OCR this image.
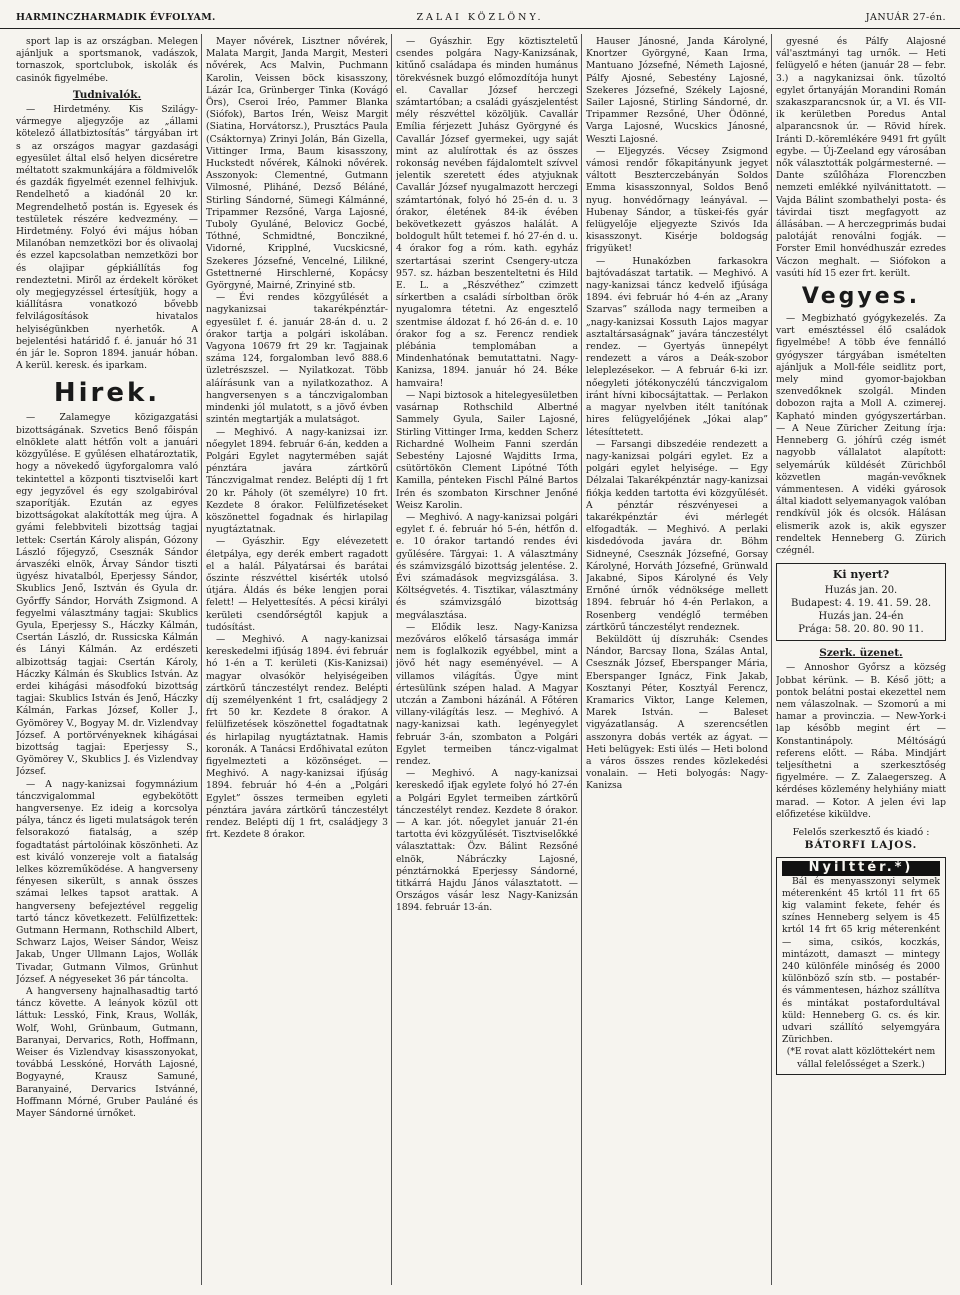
HARMINCZHARMADIK ÉVFOLYAM.	ZALAI KÖZLÖNY.	JANUÁR 27-én.

sport lap is az országban. Melegen ajánljuk a sportsmanok, vadászok, tornaszok, sportclubok, iskolák és casinók figyelmébe.

Tudnivalók.

— Hirdetmény. Kis Szilágy-vármegye aljegyzője az „állami kötelező állatbiztosítás” tárgyában irt s az országos magyar gazdasági egyesület által első helyen dicséretre méltatott szakmunkájára a földmivelők és gazdák figyelmét ezennel felhivjuk. Rendelhető a kiadónál 20 kr. Megrendelhető postán is. Egyesek és testületek részére kedvezmény. — Hirdetmény. Folyó évi május hóban Milanóban nemzetközi bor és olivaolaj és ezzel kapcsolatban nemzetközi bor és olajipar gépkiállítás fog rendeztetni. Miről az érdekelt köröket oly megjegyzéssel értesítjük, hogy a kiállításra vonatkozó bővebb felvilágosítások hivatalos helyiségünkben nyerhetők. A bejelentési határidő f. é. január hó 31 én jár le. Sopron 1894. január hóban. A kerül. keresk. és iparkam.

Hirek.

— Zalamegye közigazgatási bizottságának. Szvetics Benő főispán elnöklete alatt hétfőn volt a januári közgyűlése. E gyűlésen elhatároztatik, hogy a növekedő ügyforgalomra való tekintettel a központi tisztviselői kart egy jegyzővel és egy szolgabiróval szaporítják. Ezután az egyes bizottságokat alakították meg újra. A gyámi felebbviteli bizottság tagjai lettek: Csertán Károly alispán, Gózony László főjegyző, Csesznák Sándor árvaszéki elnök, Árvay Sándor tiszti ügyész hivatalból, Eperjessy Sándor, Skublics Jenő, Isztván és Gyula dr. Győrffy Sándor, Horváth Zsigmond. A fegyelmi választmány tagjai: Skublics Gyula, Eperjessy S., Háczky Kálmán, Csertán László, dr. Russicska Kálmán és Lányi Kálmán. Az erdészeti albizottság tagjai: Csertán Károly, Háczky Kálmán és Skublics István. Az erdei kihágási másodfokú bizottság tagjai: Skublics István és Jenő, Háczky Kálmán, Farkas József, Koller J., Gyömörey V., Bogyay M. dr. Vizlendvay József. A portörvényeknek kihágásai bizottság tagjai: Eperjessy S., Gyömörey V., Skublics J. és Vizlendvay József.

— A nagy-kanizsai fogymnázium tánczvigalommal egybekötött hangversenye. Ez ideig a korcsolya pálya, táncz és ligeti mulatságok terén felsorakozó fiatalság, a szép fogadtatást pártolóinak köszönheti. Az est kiváló vonzereje volt a fiatalság lelkes közreműködése. A hangverseny fényesen sikerült, s annak összes számai lelkes tapsot arattak. A hangverseny befejeztével reggelig tartó táncz következett. Felülfizettek: Gutmann Hermann, Rothschild Albert, Schwarz Lajos, Weiser Sándor, Weisz Jakab, Unger Ullmann Lajos, Wollák Tivadar, Gutmann Vilmos, Grünhut József. A négyeseket 36 pár táncolta.

A hangverseny hajnalhasadtig tartó táncz követte. A leányok közül ott láttuk: Lesskó, Fink, Kraus, Wollák, Wolf, Wohl, Grünbaum, Gutmann, Baranyai, Dervarics, Roth, Hoffmann, Weiser és Vizlendvay kisasszonyokat, továbbá Lesskóné, Horváth Lajosné, Bogyayné, Krausz Samuné, Baranyainé, Dervarics Istvánné, Hoffmann Mórné, Gruber Pauláné és Mayer Sándorné úrnőket.

Mayer nővérek, Lisztner nővérek, Malata Margit, Janda Margit, Mesteri nővérek, Acs Malvin, Puchmann Karolin, Veissen böck kisasszony, Lázár Ica, Grünberger Tinka (Kovágó Örs), Cseroi Iréo, Pammer Blanka (Siófok), Bartos Irén, Weisz Margit (Siatina, Horvátorsz.), Prusztács Paula (Csáktornya) Zrinyi Jolán, Bán Gizella, Vittinger Irma, Baum kisasszony, Huckstedt nővérek, Kálnoki nővérek. Asszonyok: Clementné, Gutmann Vilmosné, Pliháné, Dezső Béláné, Stirling Sándorné, Sümegi Kálmánné, Tripammer Rezsőné, Varga Lajosné, Tuboly Gyuláné, Belovicz Gocbé, Tóthné, Schmidtné, Bonczikné, Vidorné, Kripplné, Vucskicsné, Szekeres Józsefné, Vencelné, Lilikné, Gstettnerné Hirschlerné, Kopácsy Györgyné, Mairné, Zrinyiné stb.

— Évi rendes közgyűlését a nagykanizsai takarékpénztár-egyesület f. é. január 28-án d. u. 2 órakor tartja a polgári iskolában. Vagyona 10679 frt 29 kr. Tagjainak száma 124, forgalomban levő 888.6 üzletrészszel. — Nyilatkozat. Több aláírásunk van a nyilatkozathoz. A hangversenyen s a tánczvigalomban mindenki jól mulatott, s a jövő évben szintén megtartják a mulatságot.

— Meghivó. A nagy-kanizsai izr. nőegylet 1894. február 6-án, kedden a Polgári Egylet nagytermében saját pénztára javára zártkörű Tánczvigalmat rendez. Belépti díj 1 frt 20 kr. Páholy (öt személyre) 10 frt. Kezdete 8 órakor. Felülfizetéseket köszönettel fogadnak és hirlapilag nyugtáztatnak.

— Gyászhir. Egy elévezetett életpálya, egy derék embert ragadott el a halál. Pályatársai és barátai őszinte részvéttel kisérték utolsó útjára. Áldás és béke lengjen porai felett! — Helyettesítés. A pécsi királyi kerületi csendőrségtől kapjuk a tudósítást.

— Meghivó. A nagy-kanizsai kereskedelmi ifjúság 1894. évi február hó 1-én a T. kerületi (Kis-Kanizsai) magyar olvasókör helyiségeiben zártkörű tánczestélyt rendez. Belépti díj személyenként 1 frt, családjegy 2 frt 50 kr. Kezdete 8 órakor. A felülfizetések köszönettel fogadtatnak és hirlapilag nyugtáztatnak. Hamis koronák. A Tanácsi Erdőhivatal ezúton figyelmezteti a közönséget. — Meghivó. A nagy-kanizsai ifjúság 1894. február hó 4-én a „Polgári Egylet” összes termeiben egyleti pénztára javára zártkörű tánczestélyt rendez. Belépti díj 1 frt, családjegy 3 frt. Kezdete 8 órakor.

— Gyászhir. Egy köztiszteletű csendes polgára Nagy-Kanizsának, kitűnő családapa és minden humánus törekvésnek buzgó előmozdítója hunyt el. Cavallar József herczegi számtartóban; a családi gyászjelentést mély részvéttel közöljük. Cavallár Emília férjezett Juhász Györgyné és Cavallár József gyermekei, ugy saját mint az alulírottak és az összes rokonság nevében fájdalomtelt szívvel jelentik szeretett édes atyjuknak Cavallár József nyugalmazott herczegi számtartónak, folyó hó 25-én d. u. 3 órakor, életének 84-ik évében bekövetkezett gyászos halálát. A boldogult hűlt tetemei f. hó 27-én d. u. 4 órakor fog a róm. kath. egyház szertartásai szerint Csengery-utcza 957. sz. házban beszenteltetni és Hild E. L. a „Részvéthez” czimzett sírkertben a családi sírboltban örök nyugalomra tétetni. Az engesztelő szentmise áldozat f. hó 26-án d. e. 10 órakor fog a sz. Ferencz rendiek plébánia templomában a Mindenhatónak bemutattatni. Nagy-Kanizsa, 1894. január hó 24. Béke hamvaira!

— Napi biztosok a hitelegyesületben vasárnap Rothschild Albertné Sammely Gyula, Sailer Lajosné, Stirling Vittinger Irma, kedden Scherz Richardné Wolheim Fanni szerdán Sebestény Lajosné Wajditts Irma, csütörtökön Clement Lipótné Tóth Kamilla, pénteken Fischl Pálné Bartos Irén és szombaton Kirschner Jenőné Weisz Karolin.

— Meghivó. A nagy-kanizsai polgári egylet f. é. február hó 5-én, hétfőn d. e. 10 órakor tartandó rendes évi gyűlésére. Tárgyai: 1. A választmány és számvizsgáló bizottság jelentése. 2. Évi számadások megvizsgálása. 3. Költségvetés. 4. Tisztikar, választmány és számvizsgáló bizottság megválasztása.

— Elődik lesz. Nagy-Kanizsa mezőváros előkelő társasága immár nem is foglalkozik egyébbel, mint a jövő hét nagy eseményével. — A villamos világítás. Ügye mint értesülünk szépen halad. A Magyar utczán a Zamboni házánál. A Főtéren villany-világítás lesz. — Meghivó. A nagy-kanizsai kath. legényegylet február 3-án, szombaton a Polgári Egylet termeiben táncz-vigalmat rendez.

— Meghivó. A nagy-kanizsai kereskedő ifjak egylete folyó hó 27-én a Polgári Egylet termeiben zártkörű tánczestélyt rendez. Kezdete 8 órakor. — A kar. jót. nőegylet január 21-én tartotta évi közgyűlését. Tisztviselőkké választattak: Özv. Bálint Rezsőné elnök, Nábráczky Lajosné, pénztárnokká Eperjessy Sándorné, titkárrá Hajdu János választatott. — Országos vásár lesz Nagy-Kanizsán 1894. február 13-án.

Hauser Jánosné, Janda Károlyné, Knortzer Györgyné, Kaan Irma, Mantuano Józsefné, Németh Lajosné, Pálfy Ajosné, Sebestény Lajosné, Szekeres Józsefné, Székely Lajosné, Sailer Lajosné, Stirling Sándorné, dr. Tripammer Rezsőné, Uher Ödönné, Varga Lajosné, Wucskics Jánosné, Weszti Lajosné.

— Eljegyzés. Vécsey Zsigmond vámosi rendőr főkapitányunk jegyet váltott Beszterczebányán Soldos Emma kisasszonnyal, Soldos Benő nyug. honvédőrnagy leányával. — Hubenay Sándor, a tüskei-fés gyár felügyelője eljegyezte Szivós Ida kisasszonyt. Kisérje boldogság frigyüket!

— Hunakózben farkasokra bajtóvadászat tartatik. — Meghivó. A nagy-kanizsai táncz kedvelő ifjúsága 1894. évi február hó 4-én az „Arany Szarvas” szálloda nagy termeiben a „nagy-kanizsai Kossuth Lajos magyar asztaltársaságnak” javára tánczestélyt rendez. — Gyertyás ünnepélyt rendezett a város a Deák-szobor leleplezésekor. — A február 6-ki izr. nőegyleti jótékonyczélú tánczvigalom iránt hívni kibocsájtattak. — Perlakon a magyar nyelvben itélt tanítónak hires felügyelőjének „Jókai alap” létesíttetett.

— Farsangi dibszedéie rendezett a nagy-kanizsai polgári egylet. Ez a polgári egylet helyisége. — Egy Délzalai Takarékpénztár nagy-kanizsai fiókja kedden tartotta évi közgyűlését. A pénztár részvényesei a takarékpénztár évi mérlegét elfogadták. — Meghivó. A perlaki kisdedóvoda javára dr. Böhm Sidneyné, Csesznák Józsefné, Gorsay Károlyné, Horváth Józsefné, Grünwald Jakabné, Sipos Károlyné és Vely Ernőné úrnők védnöksége mellett 1894. február hó 4-én Perlakon, a Rosenberg vendéglő termében zártkörű tánczestélyt rendeznek.

Beküldött új díszruhák: Csendes Nándor, Barcsay Ilona, Szálas Antal, Csesznák József, Eberspanger Mária, Eberspanger Ignácz, Fink Jakab, Kosztanyi Péter, Kosztyál Ferencz, Kramarics Viktor, Lange Kelemen, Marek István. — Baleset vigyázatlanság. A szerencsétlen asszonyra dobás verték az ágyat. — Heti belügyek: Esti ülés — Heti bolond a város összes rendes közlekedési vonalain. — Heti bolyogás: Nagy-Kanizsa

gyesné és Pálfy Alajosné vál'asztmányi tag urnők. — Heti felügyelő e héten (január 28 — febr. 3.) a nagykanizsai önk. tűzoltó egylet őrtanyáján Morandini Román szakaszparancsnok úr, a VI. és VII-ik kerületben Poredus Antal alparancsnok úr. — Rövid hírek. Iránti D.-köremlékére 9491 frt gyűlt egybe. — Új-Zeeland egy városában nők választották polgármesterné. — Dante szűlőháza Florenczben nemzeti emlékké nyilvánittatott. — Vajda Bálint szombathelyi posta- és távirdai tiszt megfagyott az állásában. — A herczegprimás budai palotáját renoválni fogják. — Forster Emil honvédhuszár ezredes Váczon meghalt. — Siófokon a vasúti híd 15 ezer frt. került.

Vegyes.

— Megbizható gyógykezelés. Za vart emésztéssel élő családok figyelmébe! A több éve fennálló gyógyszer tárgyában ismételten ajánljuk a Moll-féle seidlitz port, mely mind gyomor-bajokban szenvedőknek szolgál. Minden dobozon rajta a Moll A. czimerej. Kapható minden gyógyszertárban. — A Neue Züricher Zeitung írja: Henneberg G. jóhírű czég ismét nagyobb vállalatot alapított: selyemárúk küldését Zürichből közvetlen magán-vevőknek vámmentesen. A vidéki gyárosok által kiadott selyemanyagok valóban rendkívül jók és olcsók. Hálásan elismerik azok is, akik egyszer rendeltek Henneberg G. Zürich czégnél.

Ki nyert?
Huzás jan. 20.
Budapest: 4. 19. 41. 59. 28.
Huzás jan. 24-én
Prága: 58. 20. 80. 90 11.
Szerk. üzenet.

— Annoshor Győrsz a község Jobbat kérünk. — B. Késő jött; a pontok belátni postai ekezettel nem nem válaszolnak. — Szomorú a mi hamar a provinczia. — New-York-i lap később megint ért — Konstantinápoly. Méltóságú referens előtt. — Rába. Mindjárt teljesíthetni a szerkesztőség figyelmére. — Z. Zalaegerszeg. A kérdéses közlemény helyhiány miatt marad. — Kotor. A jelen évi lap előfizetése kiküldve.

Felelős szerkesztő és kiadó :
BÁTORFI LAJOS.
Nyilttér.*)

Bál és menyasszonyi selymek méterenként 45 krtól 11 frt 65 kig valamint fekete, fehér és színes Henneberg selyem is 45 krtól 14 frt 65 krig méterenként — sima, csikós, koczkás, mintázott, damaszt — mintegy 240 különféle minőség és 2000 különböző szín stb. — postabér- és vámmentesen, házhoz szállítva és mintákat postafordultával küld: Henneberg G. cs. és kir. udvari szállító selyemgyára Zürichben.

(*E rovat alatt közlöttekért nem vállal felelősséget a Szerk.)
